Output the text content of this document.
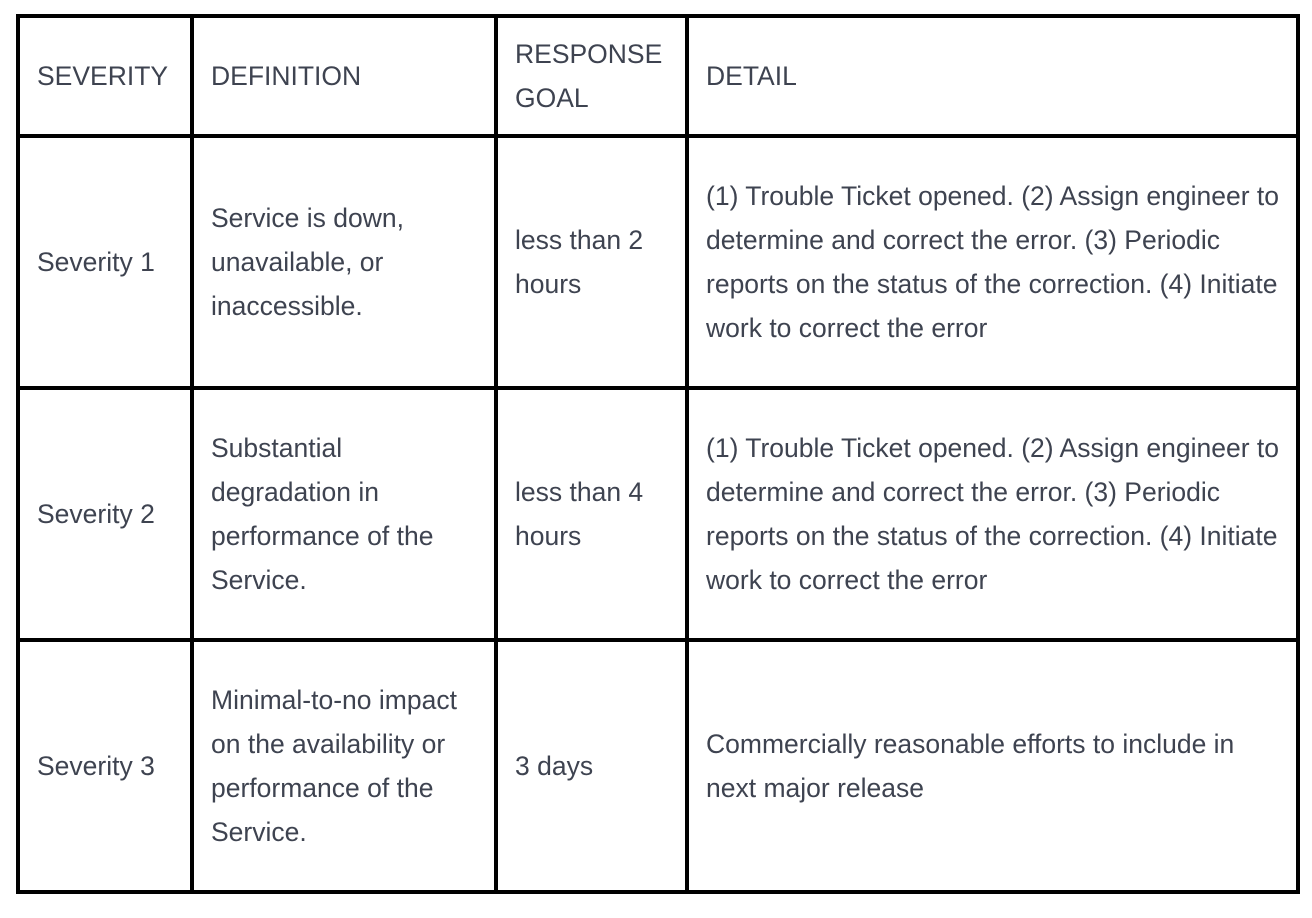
SEVERITY	DEFINITION	RESPONSE GOAL	DETAIL
Severity 1	Service is down, unavailable, or inaccessible.	less than 2 hours	(1) Trouble Ticket opened. (2) Assign engineer to determine and correct the error. (3) Periodic reports on the status of the correction. (4) Initiate work to correct the error
Severity 2	Substantial degradation in performance of the Service.	less than 4 hours	(1) Trouble Ticket opened. (2) Assign engineer to determine and correct the error. (3) Periodic reports on the status of the correction. (4) Initiate work to correct the error
Severity 3	Minimal-to-no impact on the availability or performance of the Service.	3 days	Commercially reasonable efforts to include in next major release
